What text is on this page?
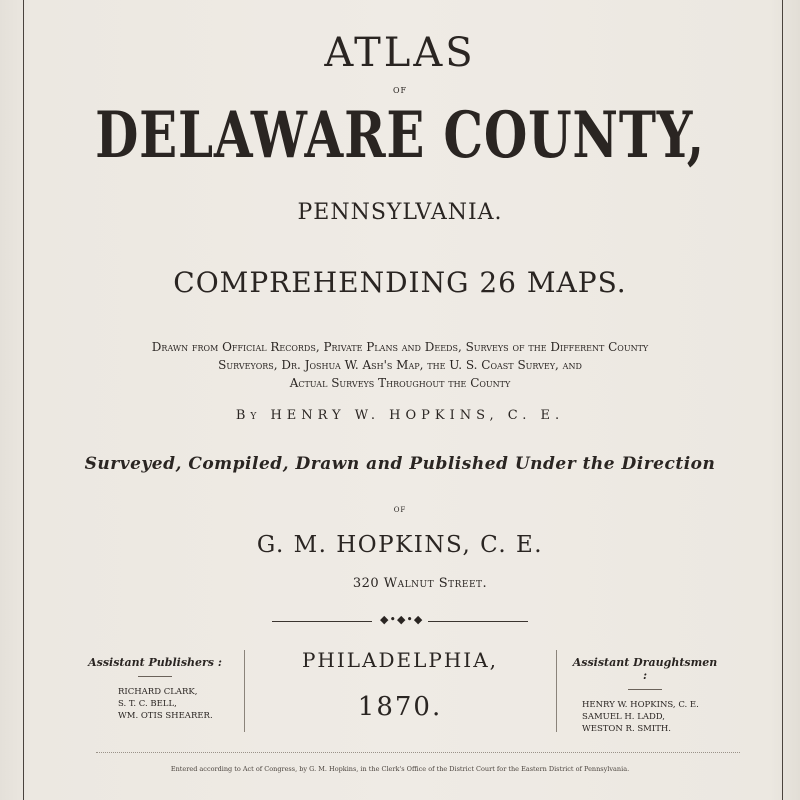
ATLAS
OF
DELAWARE COUNTY,
PENNSYLVANIA.
COMPREHENDING 26 MAPS.
Drawn from Official Records, Private Plans and Deeds, Surveys of the Different County
Surveyors, Dr. Joshua W. Ash's Map, the U. S. Coast Survey, and
Actual Surveys Throughout the County
By HENRY W. HOPKINS, C. E.
Surveyed, Compiled, Drawn and Published Under the Direction
OF
G. M. HOPKINS, C. E.
320 Walnut Street.
◆•◆•◆
Assistant Publishers :
RICHARD CLARK,
S. T. C. BELL,
WM. OTIS SHEARER.
PHILADELPHIA,
1870.
Assistant Draughtsmen :
HENRY W. HOPKINS, C. E.
SAMUEL H. LADD,
WESTON R. SMITH.
Entered according to Act of Congress, by G. M. Hopkins, in the Clerk's Office of the District Court for the Eastern District of Pennsylvania.
